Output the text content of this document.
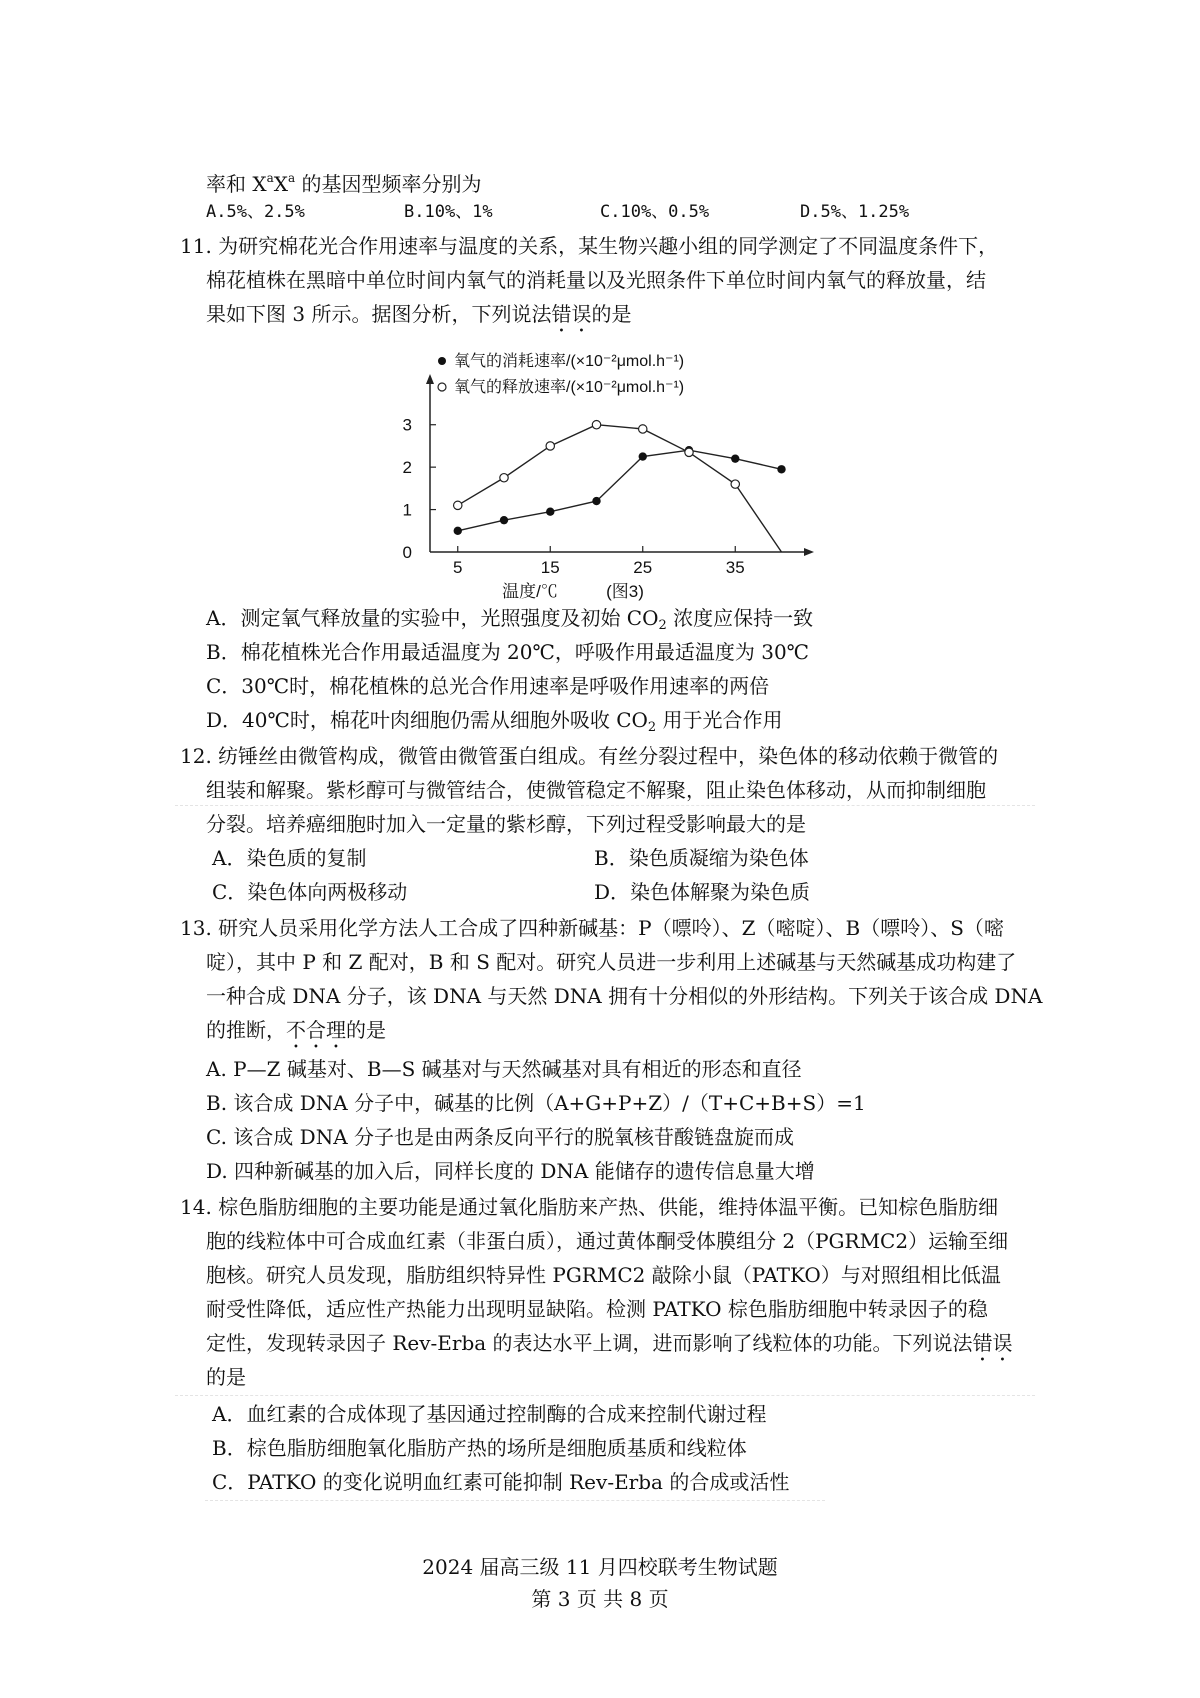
率和 $X^aX^a$ 的基因型频率分别为
A.5%、2.5%	B.10%、1%	C.10%、0.5%	D.5%、1.25%
11. 为研究棉花光合作用速率与温度的关系，某生物兴趣小组的同学测定了不同温度条件下，
棉花植株在黑暗中单位时间内氧气的消耗量以及光照条件下单位时间内氧气的释放量，结
果如下图 3 所示。据图分析，下列说法错误的是
0
1
2
3
5	15	25	35
温度/℃	(图3)
氧气的消耗速率/(×10⁻²μmol.h⁻¹)
氧气的释放速率/(×10⁻²μmol.h⁻¹)
A．测定氧气释放量的实验中，光照强度及初始 $CO_2$ 浓度应保持一致
B．棉花植株光合作用最适温度为 20℃，呼吸作用最适温度为 30℃
C．30℃时，棉花植株的总光合作用速率是呼吸作用速率的两倍
D．40℃时，棉花叶肉细胞仍需从细胞外吸收 $CO_2$ 用于光合作用
12. 纺锤丝由微管构成，微管由微管蛋白组成。有丝分裂过程中，染色体的移动依赖于微管的
组装和解聚。紫杉醇可与微管结合，使微管稳定不解聚，阻止染色体移动，从而抑制细胞
分裂。培养癌细胞时加入一定量的紫杉醇，下列过程受影响最大的是
A．染色质的复制	B．染色质凝缩为染色体
C．染色体向两极移动	D．染色体解聚为染色质
13. 研究人员采用化学方法人工合成了四种新碱基：P（嘌呤）、Z（嘧啶）、B（嘌呤）、S（嘧
啶），其中 P 和 Z 配对，B 和 S 配对。研究人员进一步利用上述碱基与天然碱基成功构建了
一种合成 DNA 分子，该 DNA 与天然 DNA 拥有十分相似的外形结构。下列关于该合成 DNA
的推断，不合理的是
A. P—Z 碱基对、B—S 碱基对与天然碱基对具有相近的形态和直径
B. 该合成 DNA 分子中，碱基的比例（A+G+P+Z）/（T+C+B+S）=1
C. 该合成 DNA 分子也是由两条反向平行的脱氧核苷酸链盘旋而成
D. 四种新碱基的加入后，同样长度的 DNA 能储存的遗传信息量大增
14. 棕色脂肪细胞的主要功能是通过氧化脂肪来产热、供能，维持体温平衡。已知棕色脂肪细
胞的线粒体中可合成血红素（非蛋白质），通过黄体酮受体膜组分 2（PGRMC2）运输至细
胞核。研究人员发现，脂肪组织特异性 PGRMC2 敲除小鼠（PATKO）与对照组相比低温
耐受性降低，适应性产热能力出现明显缺陷。检测 PATKO 棕色脂肪细胞中转录因子的稳
定性，发现转录因子 Rev-Erba 的表达水平上调，进而影响了线粒体的功能。下列说法错误
的是
A．血红素的合成体现了基因通过控制酶的合成来控制代谢过程
B．棕色脂肪细胞氧化脂肪产热的场所是细胞质基质和线粒体
C．PATKO 的变化说明血红素可能抑制 Rev-Erba 的合成或活性
2024 届高三级 11 月四校联考生物试题
第 3 页 共 8 页
